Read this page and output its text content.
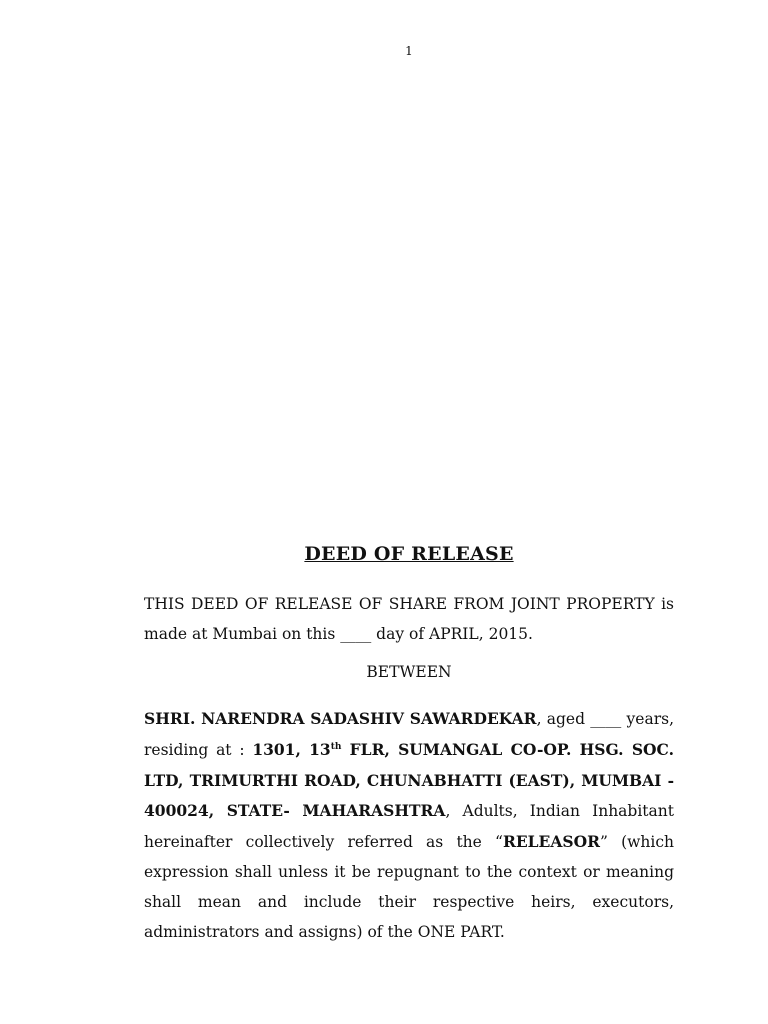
1
DEED OF RELEASE
THIS DEED OF RELEASE OF SHARE FROM JOINT PROPERTY is made at Mumbai on this ____ day of APRIL, 2015.
BETWEEN
SHRI. NARENDRA SADASHIV SAWARDEKAR, aged ____ years, residing at : 1301, 13th FLR, SUMANGAL CO-OP. HSG. SOC. LTD, TRIMURTHI ROAD, CHUNABHATTI (EAST), MUMBAI - 400024, STATE- MAHARASHTRA, Adults, Indian Inhabitant hereinafter collectively referred as the “RELEASOR” (which expression shall unless it be repugnant to the context or meaning shall mean and include their respective heirs, executors, administrators and assigns) of the ONE PART.
